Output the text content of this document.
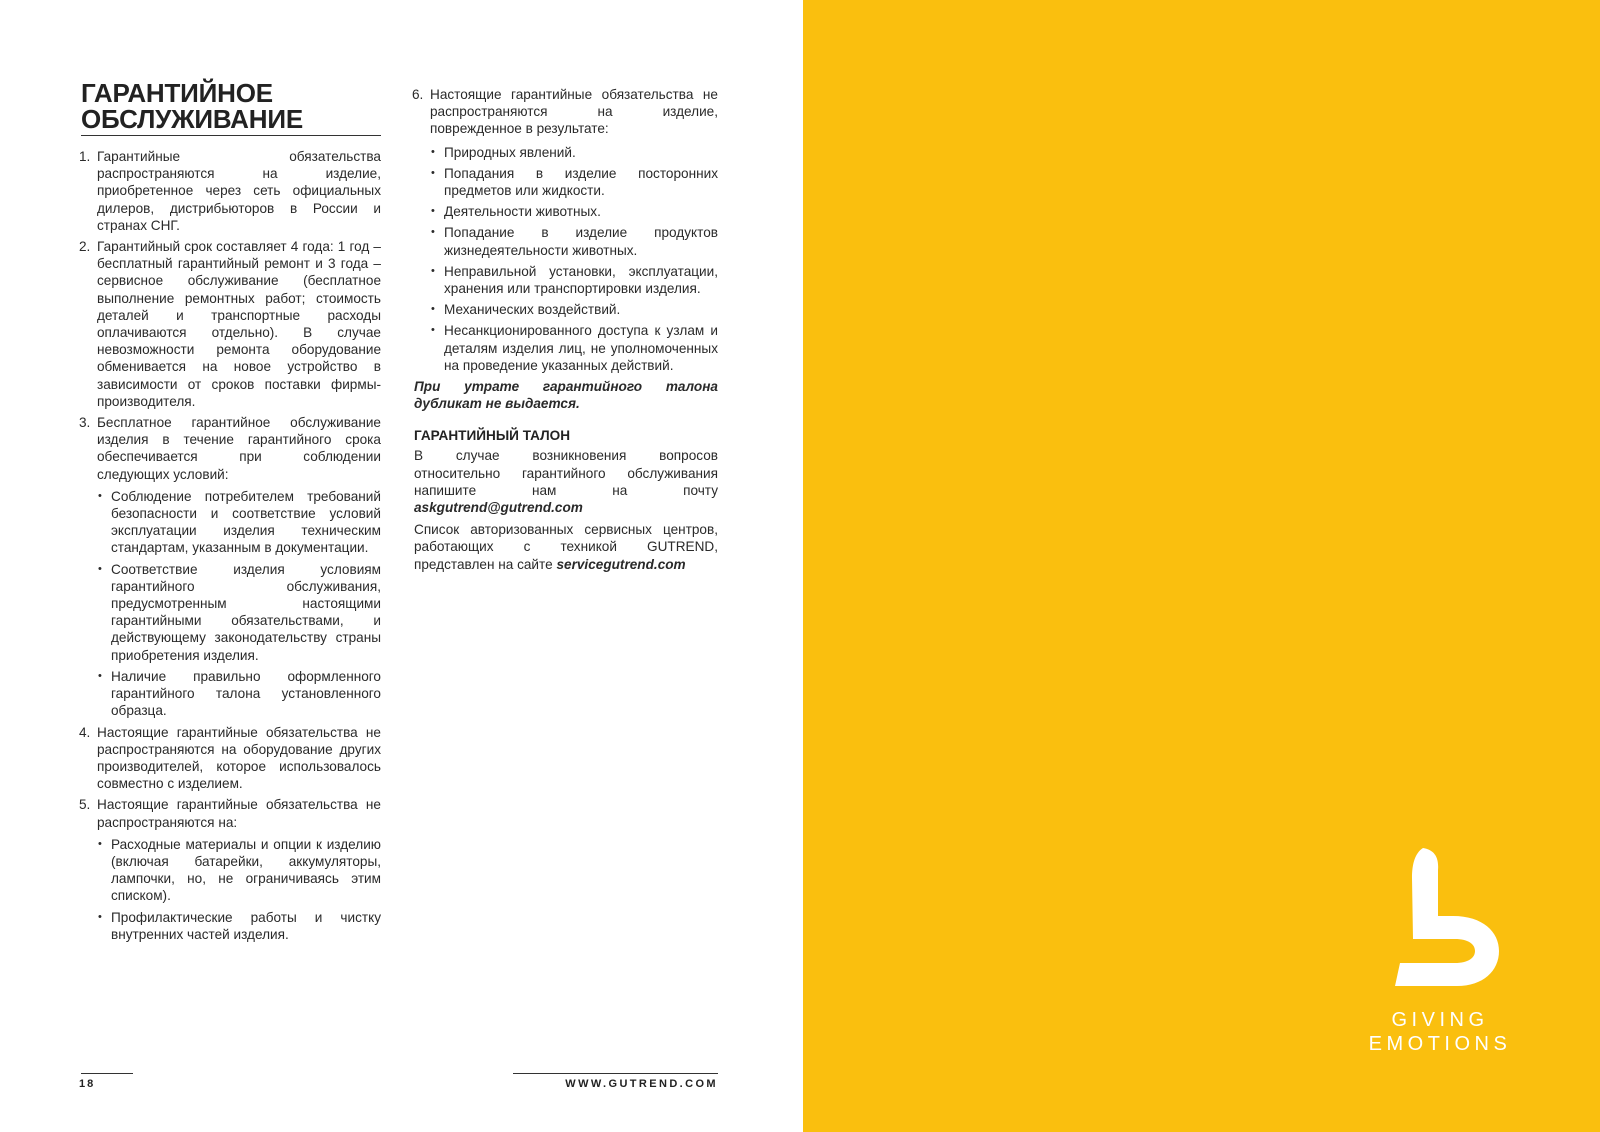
ГАРАНТИЙНОЕ
ОБСЛУЖИВАНИЕ
1. Гарантийные обязательства распространяются на изделие, приобретенное через сеть официальных дилеров, дистрибьюторов в России и странах СНГ.
2. Гарантийный срок составляет 4 года: 1 год – бесплатный гарантийный ремонт и 3 года – сервисное обслуживание (бесплатное выполнение ремонтных работ; стоимость деталей и транспортные расходы оплачиваются отдельно). В случае невозможности ремонта оборудование обменивается на новое устройство в зависимости от сроков поставки фирмы-производителя.
3. Бесплатное гарантийное обслуживание изделия в течение гарантийного срока обеспечивается при соблюдении следующих условий:
• Соблюдение потребителем требований безопасности и соответствие условий эксплуатации изделия техническим стандартам, указанным в документации.
• Соответствие изделия условиям гарантийного обслуживания, предусмотренным настоящими гарантийными обязательствами, и действующему законодательству страны приобретения изделия.
• Наличие правильно оформленного гарантийного талона установленного образца.
4. Настоящие гарантийные обязательства не распространяются на оборудование других производителей, которое использовалось совместно с изделием.
5. Настоящие гарантийные обязательства не распространяются на:
• Расходные материалы и опции к изделию (включая батарейки, аккумуляторы, лампочки, но, не ограничиваясь этим списком).
• Профилактические работы и чистку внутренних частей изделия.
6. Настоящие гарантийные обязательства не распространяются на изделие, поврежденное в результате:
• Природных явлений.
• Попадания в изделие посторонних предметов или жидкости.
• Деятельности животных.
• Попадание в изделие продуктов жизнедеятельности животных.
• Неправильной установки, эксплуатации, хранения или транспортировки изделия.
• Механических воздействий.
• Несанкционированного доступа к узлам и деталям изделия лиц, не уполномоченных на проведение указанных действий.
При утрате гарантийного талона дубликат не выдается.
ГАРАНТИЙНЫЙ ТАЛОН
В случае возникновения вопросов относительно гарантийного обслуживания напишите нам на почту askgutrend@gutrend.com
Список авторизованных сервисных центров, работающих с техникой GUTREND, представлен на сайте servicegutrend.com
18	WWW.GUTREND.COM
GIVING
EMOTIONS
